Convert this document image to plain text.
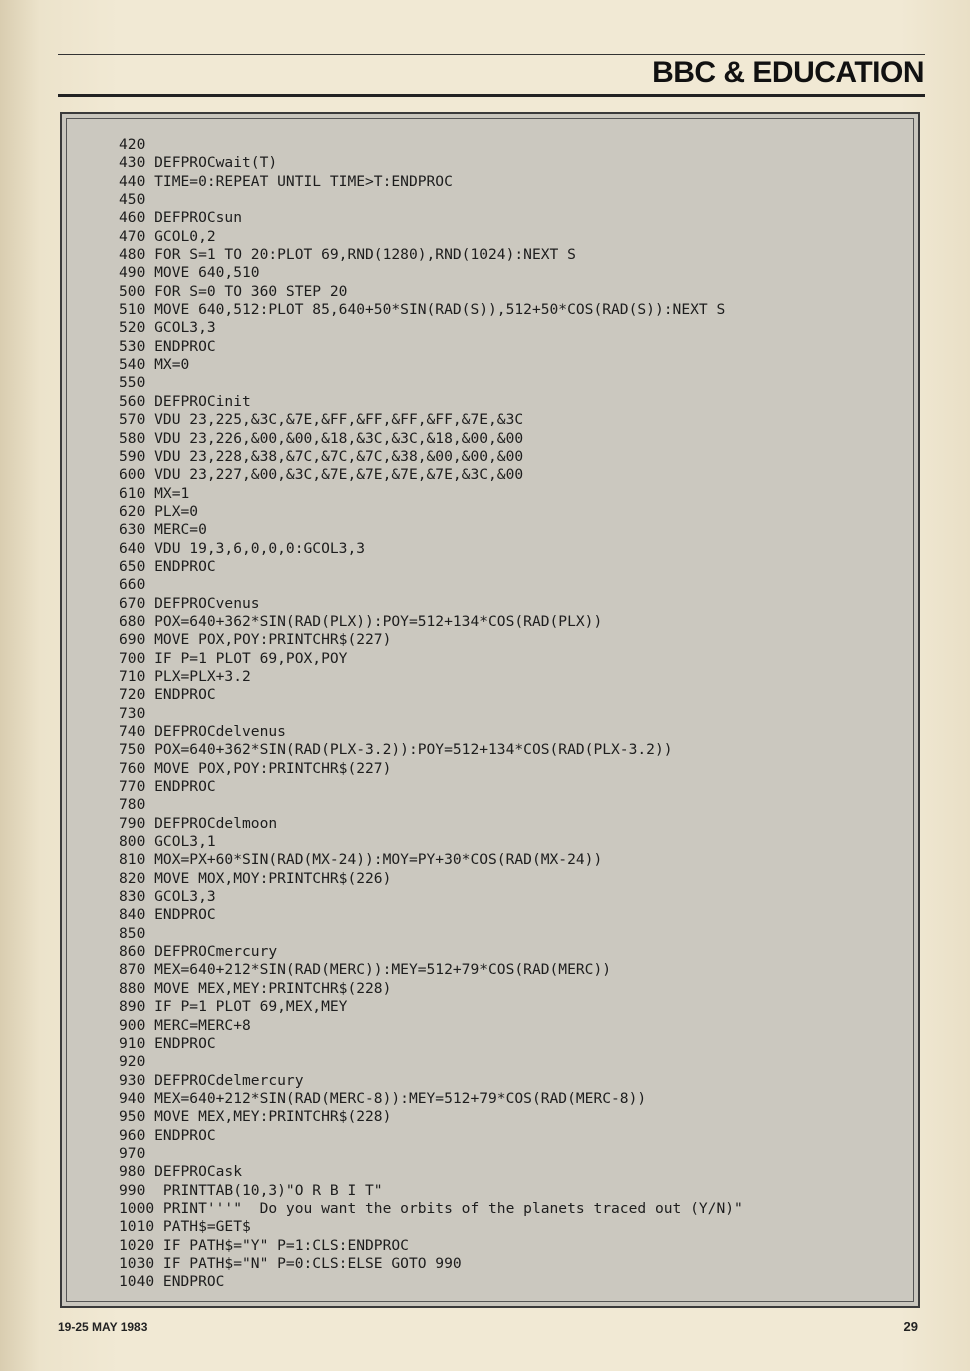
BBC & EDUCATION
420
430 DEFPROCwait(T)
440 TIME=0:REPEAT UNTIL TIME>T:ENDPROC
450
460 DEFPROCsun
470 GCOL0,2
480 FOR S=1 TO 20:PLOT 69,RND(1280),RND(1024):NEXT S
490 MOVE 640,510
500 FOR S=0 TO 360 STEP 20
510 MOVE 640,512:PLOT 85,640+50*SIN(RAD(S)),512+50*COS(RAD(S)):NEXT S
520 GCOL3,3
530 ENDPROC
540 MX=0
550
560 DEFPROCinit
570 VDU 23,225,&3C,&7E,&FF,&FF,&FF,&FF,&7E,&3C
580 VDU 23,226,&00,&00,&18,&3C,&3C,&18,&00,&00
590 VDU 23,228,&38,&7C,&7C,&7C,&38,&00,&00,&00
600 VDU 23,227,&00,&3C,&7E,&7E,&7E,&7E,&3C,&00
610 MX=1
620 PLX=0
630 MERC=0
640 VDU 19,3,6,0,0,0:GCOL3,3
650 ENDPROC
660
670 DEFPROCvenus
680 POX=640+362*SIN(RAD(PLX)):POY=512+134*COS(RAD(PLX))
690 MOVE POX,POY:PRINTCHR$(227)
700 IF P=1 PLOT 69,POX,POY
710 PLX=PLX+3.2
720 ENDPROC
730
740 DEFPROCdelvenus
750 POX=640+362*SIN(RAD(PLX-3.2)):POY=512+134*COS(RAD(PLX-3.2))
760 MOVE POX,POY:PRINTCHR$(227)
770 ENDPROC
780
790 DEFPROCdelmoon
800 GCOL3,1
810 MOX=PX+60*SIN(RAD(MX-24)):MOY=PY+30*COS(RAD(MX-24))
820 MOVE MOX,MOY:PRINTCHR$(226)
830 GCOL3,3
840 ENDPROC
850
860 DEFPROCmercury
870 MEX=640+212*SIN(RAD(MERC)):MEY=512+79*COS(RAD(MERC))
880 MOVE MEX,MEY:PRINTCHR$(228)
890 IF P=1 PLOT 69,MEX,MEY
900 MERC=MERC+8
910 ENDPROC
920
930 DEFPROCdelmercury
940 MEX=640+212*SIN(RAD(MERC-8)):MEY=512+79*COS(RAD(MERC-8))
950 MOVE MEX,MEY:PRINTCHR$(228)
960 ENDPROC
970
980 DEFPROCask
990  PRINTTAB(10,3)"O R B I T"
1000 PRINT'''"  Do you want the orbits of the planets traced out (Y/N)"
1010 PATH$=GET$
1020 IF PATH$="Y" P=1:CLS:ENDPROC
1030 IF PATH$="N" P=0:CLS:ELSE GOTO 990
1040 ENDPROC
19-25 MAY 1983	29
